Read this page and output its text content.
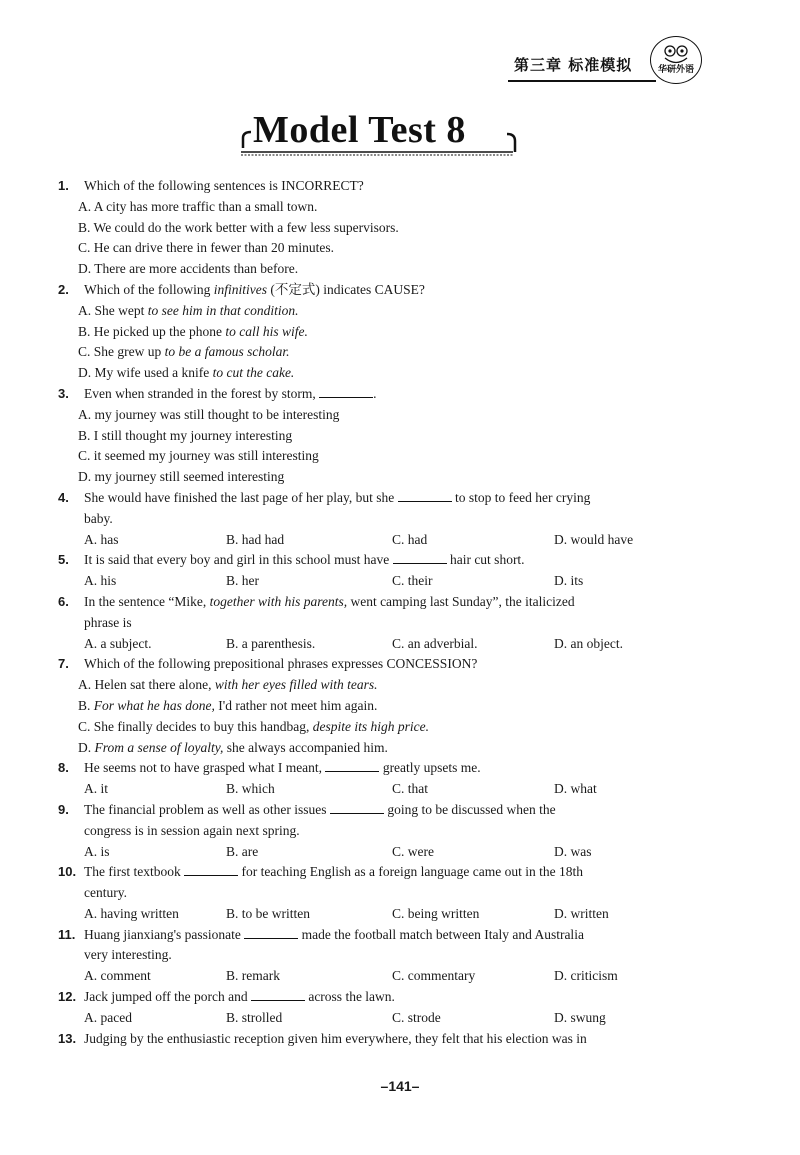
第三章 标准模拟	华研外语
Model Test 8
1. Which of the following sentences is INCORRECT?
A. A city has more traffic than a small town.
B. We could do the work better with a few less supervisors.
C. He can drive there in fewer than 20 minutes.
D. There are more accidents than before.
2. Which of the following infinitives (不定式) indicates CAUSE?
A. She wept to see him in that condition.
B. He picked up the phone to call his wife.
C. She grew up to be a famous scholar.
D. My wife used a knife to cut the cake.
3. Even when stranded in the forest by storm,	.
A. my journey was still thought to be interesting
B. I still thought my journey interesting
C. it seemed my journey was still interesting
D. my journey still seemed interesting
4. She would have finished the last page of her play, but she	to stop to feed her crying
baby.
A. has	B. had had	C. had	D. would have
5. It is said that every boy and girl in this school must have	hair cut short.
A. his	B. her	C. their	D. its
6. In the sentence “Mike, together with his parents, went camping last Sunday”, the italicized
phrase is
A. a subject.	B. a parenthesis.	C. an adverbial.	D. an object.
7. Which of the following prepositional phrases expresses CONCESSION?
A. Helen sat there alone, with her eyes filled with tears.
B. For what he has done, I'd rather not meet him again.
C. She finally decides to buy this handbag, despite its high price.
D. From a sense of loyalty, she always accompanied him.
8. He seems not to have grasped what I meant,	greatly upsets me.
A. it	B. which	C. that	D. what
9. The financial problem as well as other issues	going to be discussed when the
congress is in session again next spring.
A. is	B. are	C. were	D. was
10. The first textbook	for teaching English as a foreign language came out in the 18th
century.
A. having written	B. to be written	C. being written	D. written
11. Huang jianxiang's passionate	made the football match between Italy and Australia
very interesting.
A. comment	B. remark	C. commentary	D. criticism
12. Jack jumped off the porch and	across the lawn.
A. paced	B. strolled	C. strode	D. swung
13. Judging by the enthusiastic reception given him everywhere, they felt that his election was in
–141–
